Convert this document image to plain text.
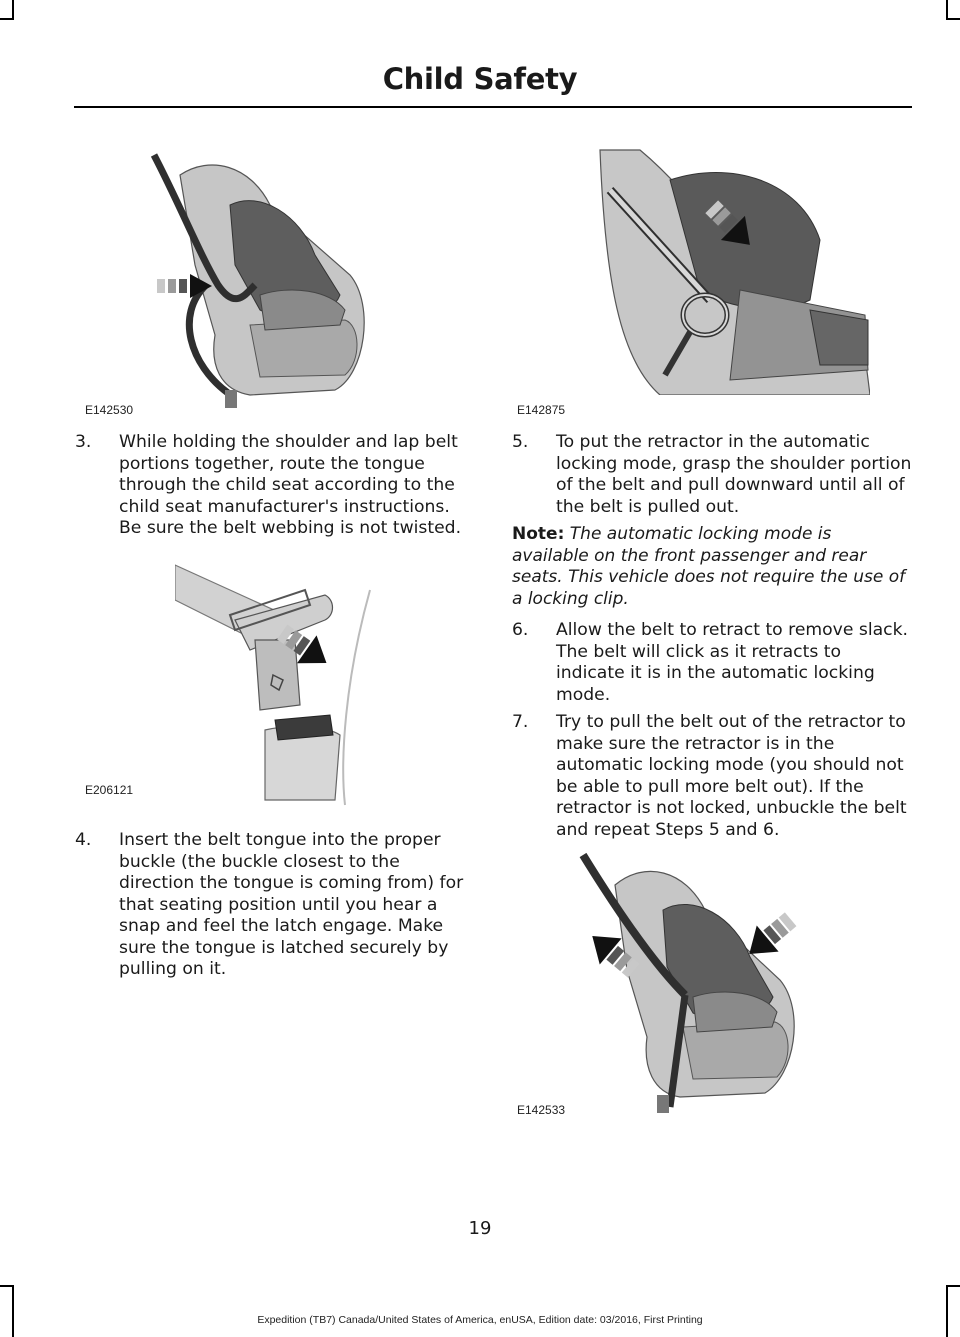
Child Safety
E142530	E142875
3. While holding the shoulder and lap belt portions together, route the tongue through the child seat according to the child seat manufacturer's instructions. Be sure the belt webbing is not twisted.
E206121
4. Insert the belt tongue into the proper buckle (the buckle closest to the direction the tongue is coming from) for that seating position until you hear a snap and feel the latch engage. Make sure the tongue is latched securely by pulling on it.
5. To put the retractor in the automatic locking mode, grasp the shoulder portion of the belt and pull downward until all of the belt is pulled out.
Note: The automatic locking mode is available on the front passenger and rear seats. This vehicle does not require the use of a locking clip.
6. Allow the belt to retract to remove slack. The belt will click as it retracts to indicate it is in the automatic locking mode.
7. Try to pull the belt out of the retractor to make sure the retractor is in the automatic locking mode (you should not be able to pull more belt out). If the retractor is not locked, unbuckle the belt and repeat Steps 5 and 6.
E142533
19
Expedition (TB7) Canada/United States of America, enUSA, Edition date: 03/2016, First Printing
